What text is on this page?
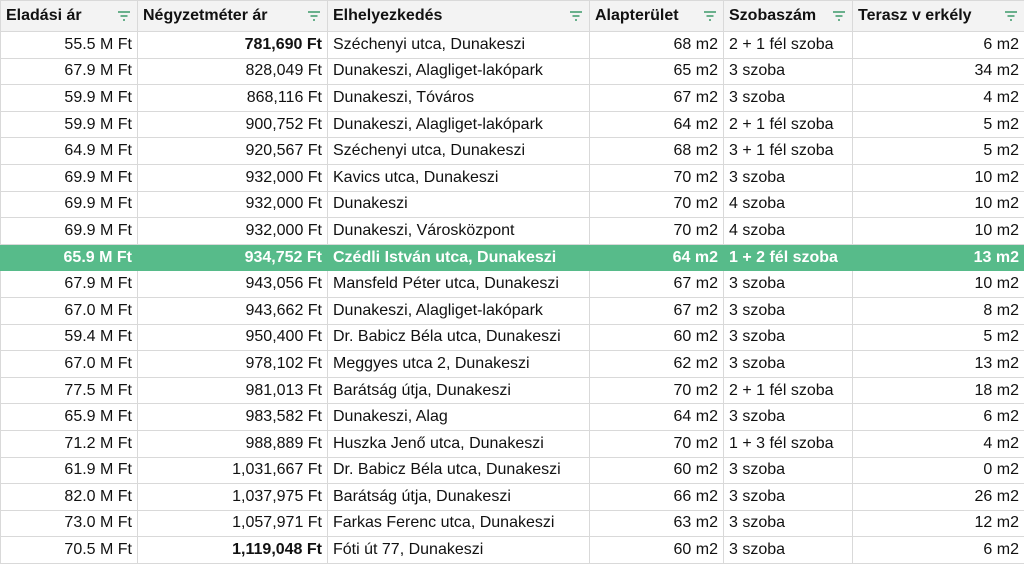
Eladási ár	Négyzetméter ár	Elhelyezkedés	Alapterület	Szobaszám	Terasz v erkély

55.5 M Ft	781,690 Ft	Széchenyi utca, Dunakeszi	68 m2	2 + 1 fél szoba	6 m2
67.9 M Ft	828,049 Ft	Dunakeszi, Alagliget-lakópark	65 m2	3 szoba	34 m2
59.9 M Ft	868,116 Ft	Dunakeszi, Tóváros	67 m2	3 szoba	4 m2
59.9 M Ft	900,752 Ft	Dunakeszi, Alagliget-lakópark	64 m2	2 + 1 fél szoba	5 m2
64.9 M Ft	920,567 Ft	Széchenyi utca, Dunakeszi	68 m2	3 + 1 fél szoba	5 m2
69.9 M Ft	932,000 Ft	Kavics utca, Dunakeszi	70 m2	3 szoba	10 m2
69.9 M Ft	932,000 Ft	Dunakeszi	70 m2	4 szoba	10 m2
69.9 M Ft	932,000 Ft	Dunakeszi, Városközpont	70 m2	4 szoba	10 m2
65.9 M Ft	934,752 Ft	Czédli István utca, Dunakeszi	64 m2	1 + 2 fél szoba	13 m2
67.9 M Ft	943,056 Ft	Mansfeld Péter utca, Dunakeszi	67 m2	3 szoba	10 m2
67.0 M Ft	943,662 Ft	Dunakeszi, Alagliget-lakópark	67 m2	3 szoba	8 m2
59.4 M Ft	950,400 Ft	Dr. Babicz Béla utca, Dunakeszi	60 m2	3 szoba	5 m2
67.0 M Ft	978,102 Ft	Meggyes utca 2, Dunakeszi	62 m2	3 szoba	13 m2
77.5 M Ft	981,013 Ft	Barátság útja, Dunakeszi	70 m2	2 + 1 fél szoba	18 m2
65.9 M Ft	983,582 Ft	Dunakeszi, Alag	64 m2	3 szoba	6 m2
71.2 M Ft	988,889 Ft	Huszka Jenő utca, Dunakeszi	70 m2	1 + 3 fél szoba	4 m2
61.9 M Ft	1,031,667 Ft	Dr. Babicz Béla utca, Dunakeszi	60 m2	3 szoba	0 m2
82.0 M Ft	1,037,975 Ft	Barátság útja, Dunakeszi	66 m2	3 szoba	26 m2
73.0 M Ft	1,057,971 Ft	Farkas Ferenc utca, Dunakeszi	63 m2	3 szoba	12 m2
70.5 M Ft	1,119,048 Ft	Fóti út 77, Dunakeszi	60 m2	3 szoba	6 m2
